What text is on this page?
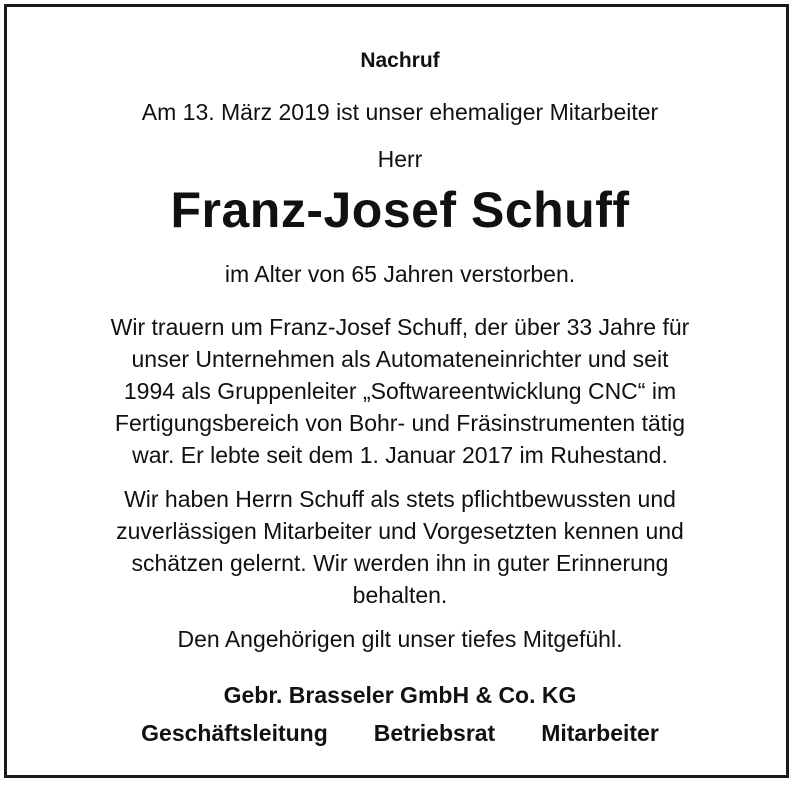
Nachruf
Am 13. März 2019 ist unser ehemaliger Mitarbeiter
Herr
Franz-Josef Schuff
im Alter von 65 Jahren verstorben.
Wir trauern um Franz-Josef Schuff, der über 33 Jahre für
unser Unternehmen als Automateneinrichter und seit
1994 als Gruppenleiter „Softwareentwicklung CNC“ im
Fertigungsbereich von Bohr- und Fräsinstrumenten tätig
war. Er lebte seit dem 1. Januar 2017 im Ruhestand.
Wir haben Herrn Schuff als stets pflichtbewussten und
zuverlässigen Mitarbeiter und Vorgesetzten kennen und
schätzen gelernt. Wir werden ihn in guter Erinnerung
behalten.
Den Angehörigen gilt unser tiefes Mitgefühl.
Gebr. Brasseler GmbH & Co. KG
Geschäftsleitung Betriebsrat Mitarbeiter
